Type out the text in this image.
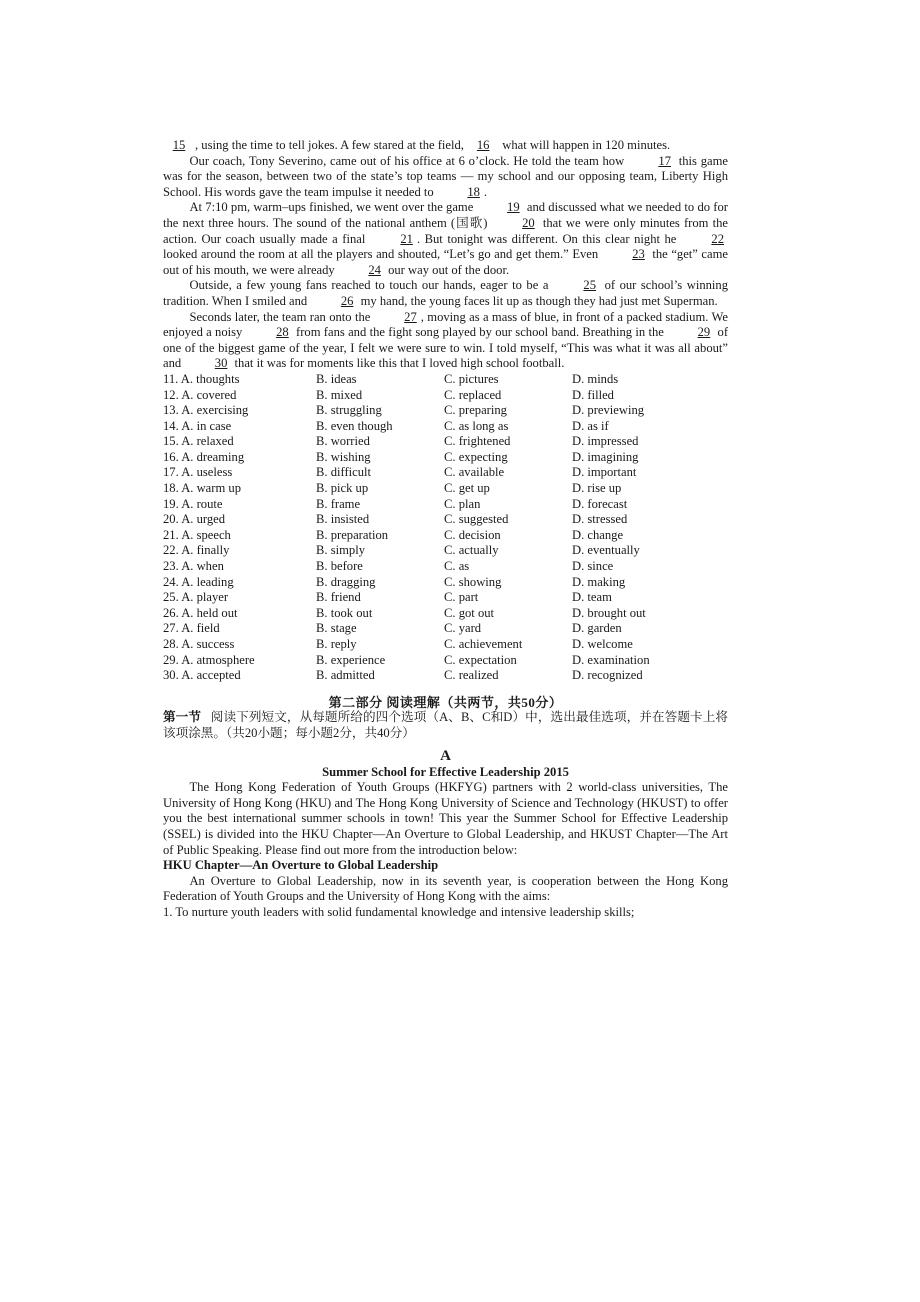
15 , using the time to tell jokes. A few stared at the field, 16 what will happen in 120 minutes.

Our coach, Tony Severino, came out of his office at 6 o’clock. He told the team how	17 this game was for the season, between two of the state’s top teams — my school and our opposing team, Liberty High School. His words gave the team impulse it needed to	18 .

At 7:10 pm, warm–ups finished, we went over the game	19 and discussed what we needed to do for the next three hours. The sound of the national anthem (国歌)	20 that we were only minutes from the action. Our coach usually made a final	21 . But tonight was different. On this clear night he	22 looked around the room at all the players and shouted, “Let’s go and get them.” Even	23 the “get” came out of his mouth, we were already	24 our way out of the door.

Outside, a few young fans reached to touch our hands, eager to be a	25 of our school’s winning tradition. When I smiled and	26 my hand, the young faces lit up as though they had just met Superman.

Seconds later, the team ran onto the	27 , moving as a mass of blue, in front of a packed stadium. We enjoyed a noisy	28 from fans and the fight song played by our school band. Breathing in the	29 of one of the biggest game of the year, I felt we were sure to win. I told myself, “This was what it was all about” and	30 that it was for moments like this that I loved high school football.

11. A. thoughts	B. ideas	C. pictures	D. minds
12. A. covered	B. mixed	C. replaced	D. filled
13. A. exercising	B. struggling	C. preparing	D. previewing
14. A. in case	B. even though	C. as long as	D. as if
15. A. relaxed	B. worried	C. frightened	D. impressed
16. A. dreaming	B. wishing	C. expecting	D. imagining
17. A. useless	B. difficult	C. available	D. important
18. A. warm up	B. pick up	C. get up	D. rise up
19. A. route	B. frame	C. plan	D. forecast
20. A. urged	B. insisted	C. suggested	D. stressed
21. A. speech	B. preparation	C. decision	D. change
22. A. finally	B. simply	C. actually	D. eventually
23. A. when	B. before	C. as	D. since
24. A. leading	B. dragging	C. showing	D. making
25. A. player	B. friend	C. part	D. team
26. A. held out	B. took out	C. got out	D. brought out
27. A. field	B. stage	C. yard	D. garden
28. A. success	B. reply	C. achievement	D. welcome
29. A. atmosphere	B. experience	C. expectation	D. examination
30. A. accepted	B. admitted	C. realized	D. recognized
第二部分 阅读理解（共两节，共50分）

第一节 阅读下列短文，从每题所给的四个选项（A、B、C和D）中，选出最佳选项，并在答题卡上将该项涂黑。（共20小题；每小题2分，共40分）

A

Summer School for Effective Leadership 2015

The Hong Kong Federation of Youth Groups (HKFYG) partners with 2 world-class universities, The University of Hong Kong (HKU) and The Hong Kong University of Science and Technology (HKUST) to offer you the best international summer schools in town! This year the Summer School for Effective Leadership (SSEL) is divided into the HKU Chapter—An Overture to Global Leadership, and HKUST Chapter—The Art of Public Speaking. Please find out more from the introduction below:

HKU Chapter—An Overture to Global Leadership

An Overture to Global Leadership, now in its seventh year, is cooperation between the Hong Kong Federation of Youth Groups and the University of Hong Kong with the aims:

1. To nurture youth leaders with solid fundamental knowledge and intensive leadership skills;
